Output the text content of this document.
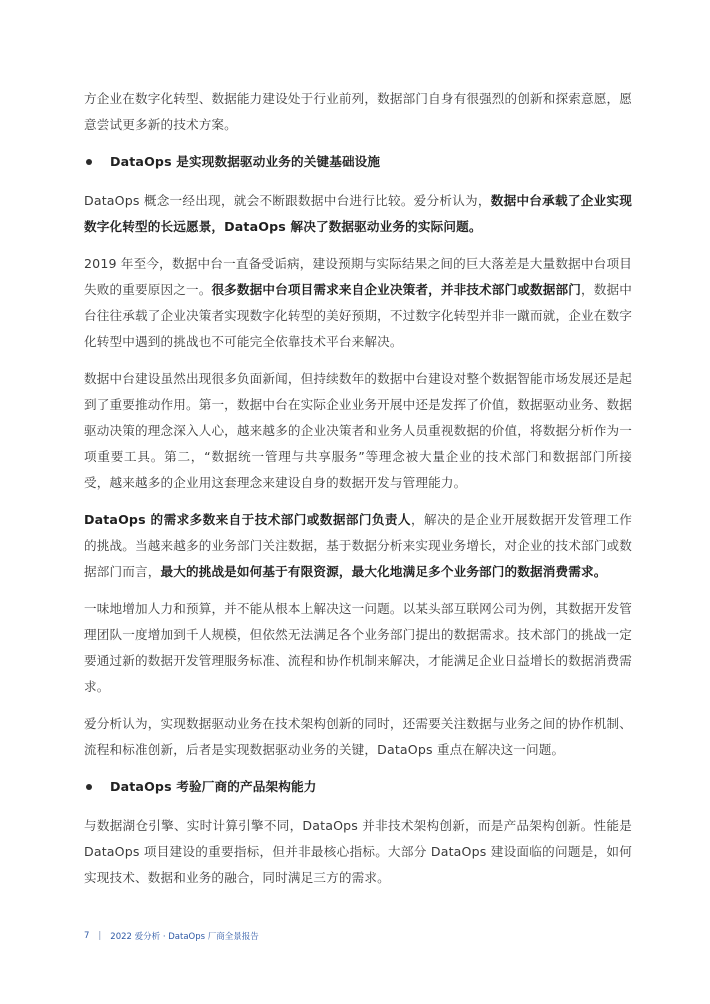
方企业在数字化转型、数据能力建设处于行业前列，数据部门自身有很强烈的创新和探索意愿，愿意尝试更多新的技术方案。

DataOps 是实现数据驱动业务的关键基础设施

DataOps 概念一经出现，就会不断跟数据中台进行比较。爱分析认为，数据中台承载了企业实现数字化转型的长远愿景，DataOps 解决了数据驱动业务的实际问题。

2019 年至今，数据中台一直备受诟病，建设预期与实际结果之间的巨大落差是大量数据中台项目失败的重要原因之一。很多数据中台项目需求来自企业决策者，并非技术部门或数据部门，数据中台往往承载了企业决策者实现数字化转型的美好预期，不过数字化转型并非一蹴而就，企业在数字化转型中遇到的挑战也不可能完全依靠技术平台来解决。

数据中台建设虽然出现很多负面新闻，但持续数年的数据中台建设对整个数据智能市场发展还是起到了重要推动作用。第一，数据中台在实际企业业务开展中还是发挥了价值，数据驱动业务、数据驱动决策的理念深入人心，越来越多的企业决策者和业务人员重视数据的价值，将数据分析作为一项重要工具。第二，“数据统一管理与共享服务”等理念被大量企业的技术部门和数据部门所接受，越来越多的企业用这套理念来建设自身的数据开发与管理能力。

DataOps 的需求多数来自于技术部门或数据部门负责人，解决的是企业开展数据开发管理工作的挑战。当越来越多的业务部门关注数据，基于数据分析来实现业务增长，对企业的技术部门或数据部门而言，最大的挑战是如何基于有限资源，最大化地满足多个业务部门的数据消费需求。

一味地增加人力和预算，并不能从根本上解决这一问题。以某头部互联网公司为例，其数据开发管理团队一度增加到千人规模，但依然无法满足各个业务部门提出的数据需求。技术部门的挑战一定要通过新的数据开发管理服务标准、流程和协作机制来解决，才能满足企业日益增长的数据消费需求。

爱分析认为，实现数据驱动业务在技术架构创新的同时，还需要关注数据与业务之间的协作机制、流程和标准创新，后者是实现数据驱动业务的关键，DataOps 重点在解决这一问题。

DataOps 考验厂商的产品架构能力

与数据湖仓引擎、实时计算引擎不同，DataOps 并非技术架构创新，而是产品架构创新。性能是 DataOps 项目建设的重要指标，但并非最核心指标。大部分 DataOps 建设面临的问题是，如何实现技术、数据和业务的融合，同时满足三方的需求。

7 | 2022 爱分析 · DataOps 厂商全景报告
